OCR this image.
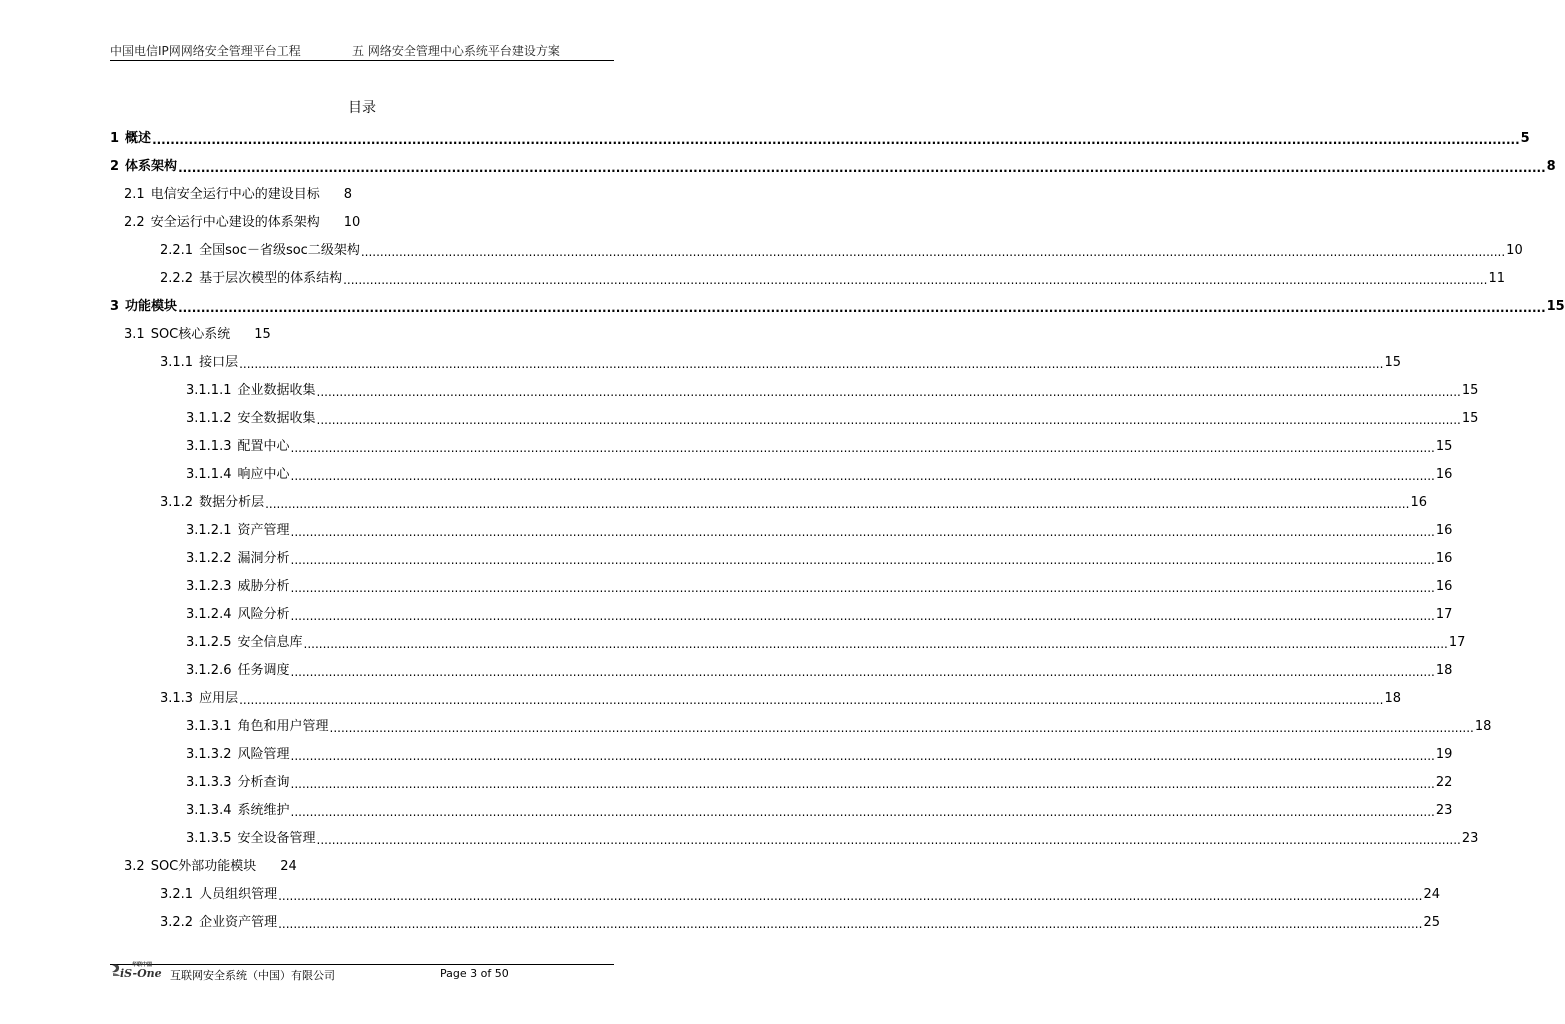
中国电信IP网网络安全管理平台工程	五 网络安全管理中心系统平台建设方案
目录
1 概述 ............................................................................................................................................................................................................................................................................................................ 5
2 体系架构 ............................................................................................................................................................................................................................................................................................................ 8
2.1 电信安全运行中心的建设目标 8
2.2 安全运行中心建设的体系架构 10
2.2.1 全国soc－省级soc二级架构 ............................................................................................................................................................................................................................................................................................................ 10
2.2.2 基于层次模型的体系结构 ............................................................................................................................................................................................................................................................................................................ 11
3 功能模块 ............................................................................................................................................................................................................................................................................................................ 15
3.1 SOC核心系统 15
3.1.1 接口层 ............................................................................................................................................................................................................................................................................................................ 15
3.1.1.1 企业数据收集 ............................................................................................................................................................................................................................................................................................................ 15
3.1.1.2 安全数据收集 ............................................................................................................................................................................................................................................................................................................ 15
3.1.1.3 配置中心 ............................................................................................................................................................................................................................................................................................................ 15
3.1.1.4 响应中心 ............................................................................................................................................................................................................................................................................................................ 16
3.1.2 数据分析层 ............................................................................................................................................................................................................................................................................................................ 16
3.1.2.1 资产管理 ............................................................................................................................................................................................................................................................................................................ 16
3.1.2.2 漏洞分析 ............................................................................................................................................................................................................................................................................................................ 16
3.1.2.3 威胁分析 ............................................................................................................................................................................................................................................................................................................ 16
3.1.2.4 风险分析 ............................................................................................................................................................................................................................................................................................................ 17
3.1.2.5 安全信息库 ............................................................................................................................................................................................................................................................................................................ 17
3.1.2.6 任务调度 ............................................................................................................................................................................................................................................................................................................ 18
3.1.3 应用层 ............................................................................................................................................................................................................................................................................................................ 18
3.1.3.1 角色和用户管理 ............................................................................................................................................................................................................................................................................................................ 18
3.1.3.2 风险管理 ............................................................................................................................................................................................................................................................................................................ 19
3.1.3.3 分析查询 ............................................................................................................................................................................................................................................................................................................ 22
3.1.3.4 系统维护 ............................................................................................................................................................................................................................................................................................................ 23
3.1.3.5 安全设备管理 ............................................................................................................................................................................................................................................................................................................ 23
3.2 SOC外部功能模块 24
3.2.1 人员组织管理 ............................................................................................................................................................................................................................................................................................................ 24
3.2.2 企业资产管理 ............................................................................................................................................................................................................................................................................................................ 25
华联中国
iS-One 互联网安全系统（中国）有限公司	Page 3 of 50
